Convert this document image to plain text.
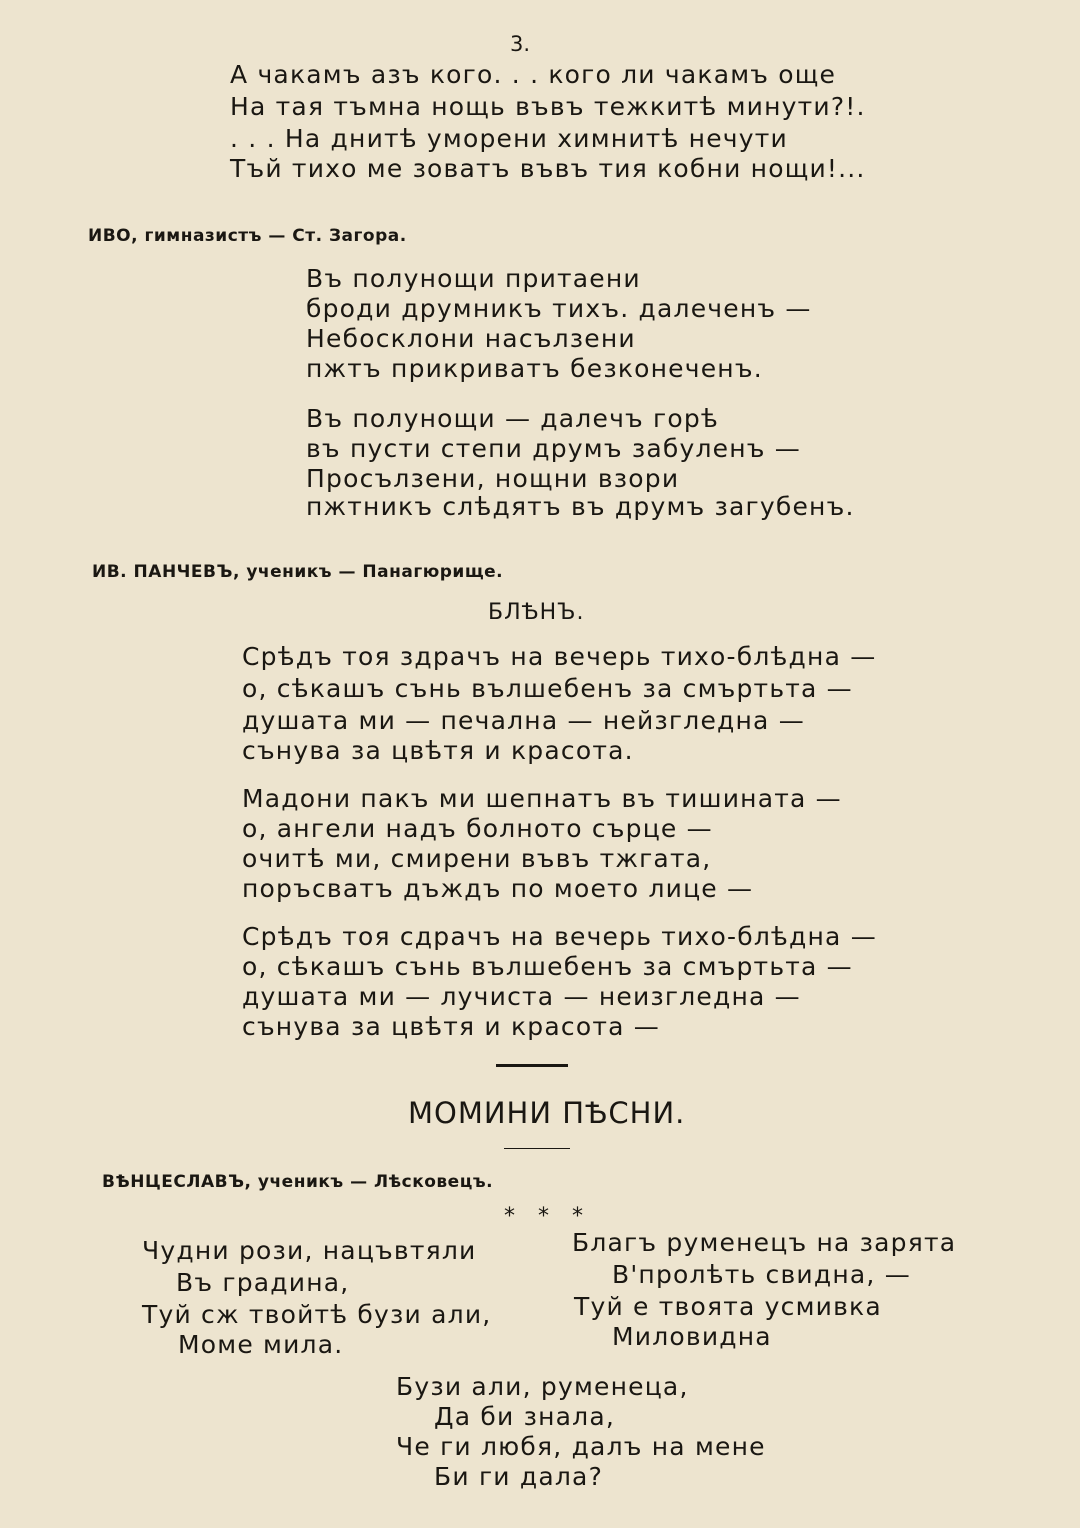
3.
А чакамъ азъ кого. . . кого ли чакамъ още
На тая тъмна нощь въвъ тежкитѣ минути?!.
. . . На днитѣ уморени химнитѣ нечути
Тъй тихо ме зоватъ въвъ тия кобни нощи!...
ИВО, гимназистъ — Ст. Загора.
Въ полунощи притаени
броди друмникъ тихъ. далеченъ —
Небосклони насълзени
пжтъ прикриватъ безконеченъ.
Въ полунощи — далечъ горѣ
въ пусти степи друмъ забуленъ —
Просълзени, нощни взори
пжтникъ слѣдятъ въ друмъ загубенъ.
ИВ. ПАНЧЕВЪ, ученикъ — Панагюрище.
БЛѢНЪ.
Срѣдъ тоя здрачъ на вечерь тихо-блѣдна —
о, сѣкашъ сънь вълшебенъ за смъртьта —
душата ми — печална — нейзгледна —
сънува за цвѣтя и красота.
Мадони пакъ ми шепнатъ въ тишината —
о, ангели надъ болното сърце —
очитѣ ми, смирени въвъ тжгата,
поръсватъ дъждъ по моето лице —
Срѣдъ тоя сдрачъ на вечерь тихо-блѣдна —
о, сѣкашъ сънь вълшебенъ за смъртьта —
душата ми — лучиста — неизгледна —
сънува за цвѣтя и красота —
МОМИНИ ПѢСНИ.
ВѢНЦЕСЛАВЪ, ученикъ — Лѣсковецъ.
* * *
Чудни рози, нацъвтяли
Въ градина,
Туй сж твойтѣ бузи али,
Моме мила.
Благъ руменецъ на зарята
В'пролѣть свидна, —
Туй е твоята усмивка
Миловидна
Бузи али, руменеца,
Да би знала,
Че ги любя, далъ на мене
Би ги дала?
